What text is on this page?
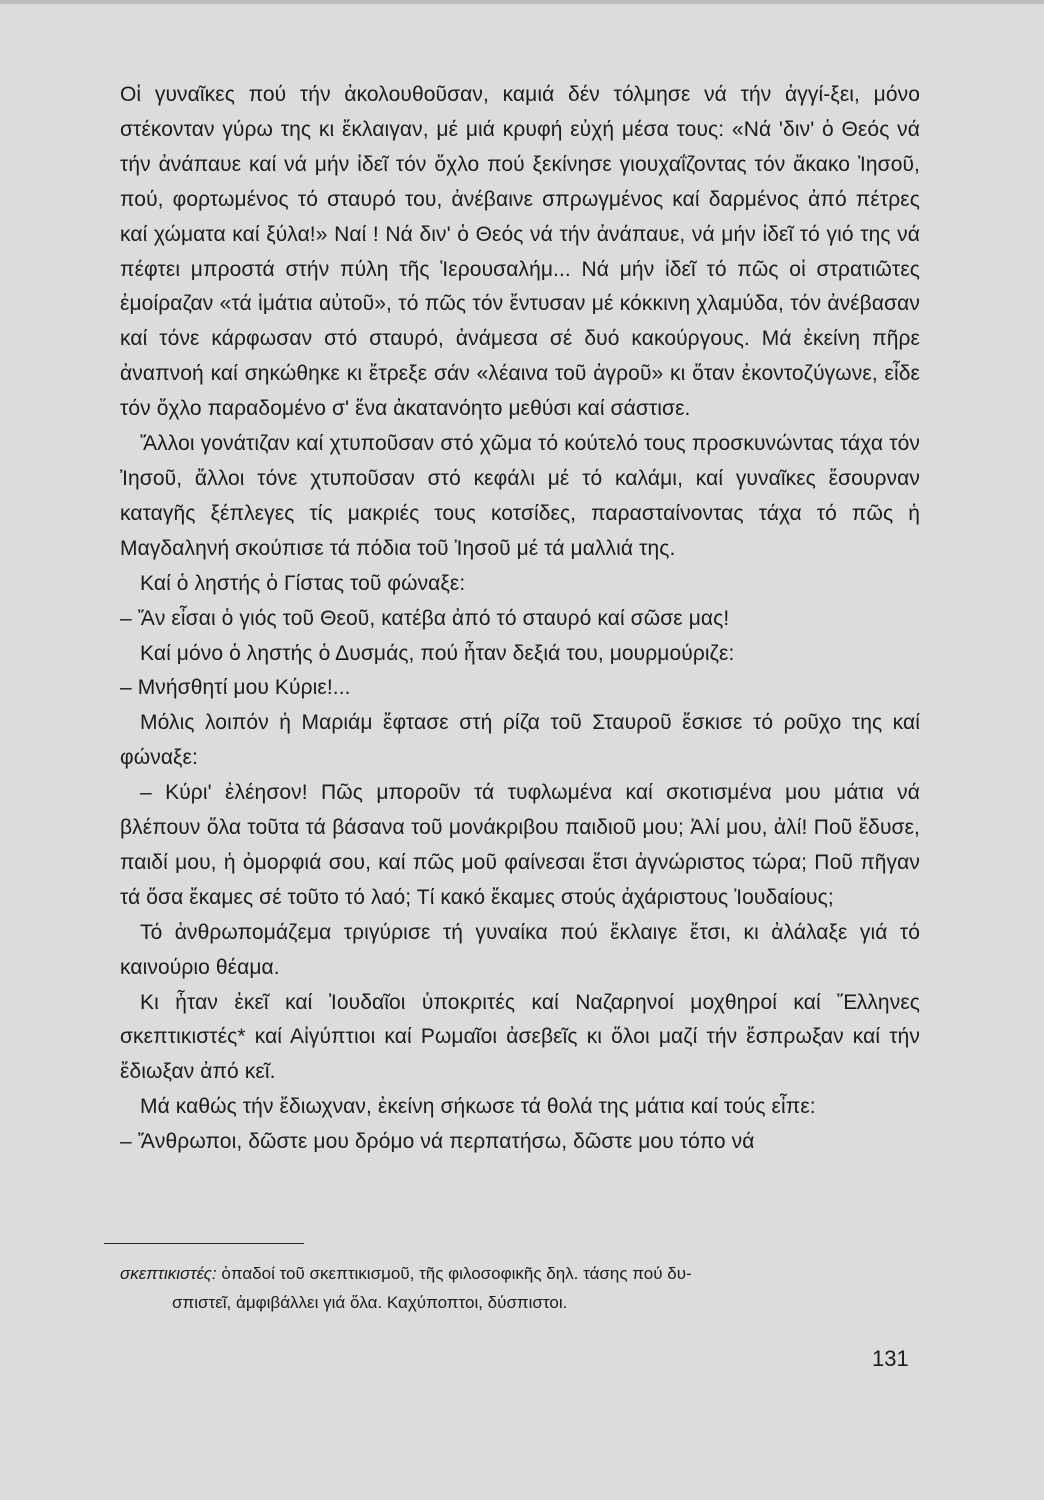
Οἱ γυναῖκες πού τήν ἀκολουθοῦσαν, καμιά δέν τόλμησε νά τήν ἀγγί-ξει, μόνο στέκονταν γύρω της κι ἔκλαιγαν, μέ μιά κρυφή εὐχή μέσα τους: «Νά 'διν' ὁ Θεός νά τήν ἀνάπαυε καί νά μήν ἰδεῖ τόν ὄχλο πού ξεκίνησε γιουχαΐζοντας τόν ἄκακο Ἰησοῦ, πού, φορτωμένος τό σταυρό του, ἀνέβαινε σπρωγμένος καί δαρμένος ἀπό πέτρες καί χώματα καί ξύλα!» Ναί ! Νά διν' ὁ Θεός νά τήν ἀνάπαυε, νά μήν ἰδεῖ τό γιό της νά πέφτει μπροστά στήν πύλη τῆς Ἱερουσαλήμ... Νά μήν ἰδεῖ τό πῶς οἱ στρατιῶτες ἐμοίραζαν «τά ἱμάτια αὐτοῦ», τό πῶς τόν ἔντυσαν μέ κόκκινη χλαμύδα, τόν ἀνέβασαν καί τόνε κάρφωσαν στό σταυρό, ἀνάμεσα σέ δυό κακούργους. Μά ἐκείνη πῆρε ἀναπνοή καί σηκώθηκε κι ἔτρεξε σάν «λέαινα τοῦ ἀγροῦ» κι ὅταν ἐκοντοζύγωνε, εἶδε τόν ὄχλο παραδομένο σ' ἕνα ἀκατανόητο μεθύσι καί σάστισε.

Ἄλλοι γονάτιζαν καί χτυποῦσαν στό χῶμα τό κούτελό τους προσκυνώντας τάχα τόν Ἰησοῦ, ἄλλοι τόνε χτυποῦσαν στό κεφάλι μέ τό καλάμι, καί γυναῖκες ἔσουρναν καταγῆς ξέπλεγες τίς μακριές τους κοτσίδες, παρασταίνοντας τάχα τό πῶς ἡ Μαγδαληνή σκούπισε τά πόδια τοῦ Ἰησοῦ μέ τά μαλλιά της.

Καί ὁ ληστής ὁ Γίστας τοῦ φώναξε:

– Ἄν εἶσαι ὁ γιός τοῦ Θεοῦ, κατέβα ἀπό τό σταυρό καί σῶσε μας!

Καί μόνο ὁ ληστής ὁ Δυσμάς, πού ἦταν δεξιά του, μουρμούριζε:

– Μνήσθητί μου Κύριε!...

Μόλις λοιπόν ἡ Μαριάμ ἔφτασε στή ρίζα τοῦ Σταυροῦ ἔσκισε τό ροῦχο της καί φώναξε:

– Κύρι' ἐλέησον! Πῶς μποροῦν τά τυφλωμένα καί σκοτισμένα μου μάτια νά βλέπουν ὅλα τοῦτα τά βάσανα τοῦ μονάκριβου παιδιοῦ μου; Ἀλί μου, ἀλί! Ποῦ ἔδυσε, παιδί μου, ἡ ὀμορφιά σου, καί πῶς μοῦ φαίνεσαι ἔτσι ἀγνώριστος τώρα; Ποῦ πῆγαν τά ὅσα ἔκαμες σέ τοῦτο τό λαό; Τί κακό ἔκαμες στούς ἀχάριστους Ἰουδαίους;

Τό ἀνθρωπομάζεμα τριγύρισε τή γυναίκα πού ἔκλαιγε ἔτσι, κι ἀλάλαξε γιά τό καινούριο θέαμα.

Κι ἦταν ἐκεῖ καί Ἰουδαῖοι ὑποκριτές καί Ναζαρηνοί μοχθηροί καί Ἕλληνες σκεπτικιστές* καί Αἰγύπτιοι καί Ρωμαῖοι ἀσεβεῖς κι ὅλοι μαζί τήν ἔσπρωξαν καί τήν ἔδιωξαν ἀπό κεῖ.

Μά καθώς τήν ἔδιωχναν, ἐκείνη σήκωσε τά θολά της μάτια καί τούς εἶπε:

– Ἄνθρωποι, δῶστε μου δρόμο νά περπατήσω, δῶστε μου τόπο νά

σκεπτικιστές: ὁπαδοί τοῦ σκεπτικισμοῦ, τῆς φιλοσοφικῆς δηλ. τάσης πού δυ-
σπιστεῖ, ἀμφιβάλλει γιά ὅλα. Καχύποπτοι, δύσπιστοι.
131
